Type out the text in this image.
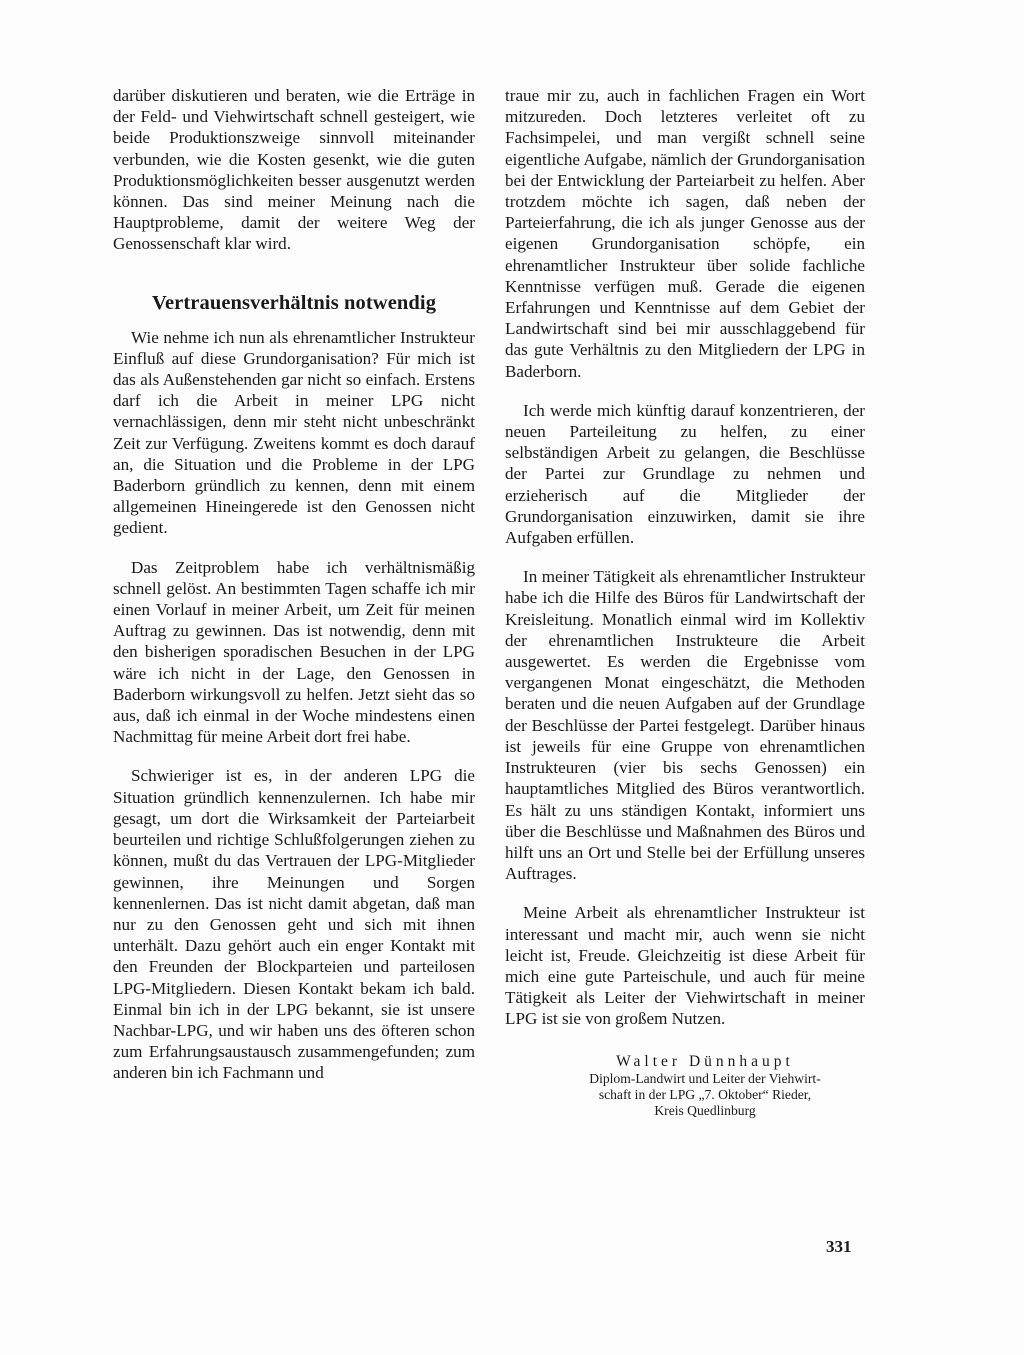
darüber diskutieren und beraten, wie die Erträge in der Feld- und Viehwirtschaft schnell gesteigert, wie beide Produktionszweige sinnvoll miteinander verbunden, wie die Kosten gesenkt, wie die guten Produktionsmöglichkeiten besser ausgenutzt werden können. Das sind meiner Meinung nach die Hauptprobleme, damit der weitere Weg der Genossenschaft klar wird.

Vertrauensverhältnis notwendig

Wie nehme ich nun als ehrenamtlicher Instrukteur Einfluß auf diese Grundorganisation? Für mich ist das als Außenstehenden gar nicht so einfach. Erstens darf ich die Arbeit in meiner LPG nicht vernachlässigen, denn mir steht nicht unbeschränkt Zeit zur Verfügung. Zweitens kommt es doch darauf an, die Situation und die Probleme in der LPG Baderborn gründlich zu kennen, denn mit einem allgemeinen Hineingerede ist den Genossen nicht gedient.

Das Zeitproblem habe ich verhältnismäßig schnell gelöst. An bestimmten Tagen schaffe ich mir einen Vorlauf in meiner Arbeit, um Zeit für meinen Auftrag zu gewinnen. Das ist notwendig, denn mit den bisherigen sporadischen Besuchen in der LPG wäre ich nicht in der Lage, den Genossen in Baderborn wirkungsvoll zu helfen. Jetzt sieht das so aus, daß ich einmal in der Woche mindestens einen Nachmittag für meine Arbeit dort frei habe.

Schwieriger ist es, in der anderen LPG die Situation gründlich kennenzulernen. Ich habe mir gesagt, um dort die Wirksamkeit der Parteiarbeit beurteilen und richtige Schlußfolgerungen ziehen zu können, mußt du das Vertrauen der LPG-Mitglieder gewinnen, ihre Meinungen und Sorgen kennenlernen. Das ist nicht damit abgetan, daß man nur zu den Genossen geht und sich mit ihnen unterhält. Dazu gehört auch ein enger Kontakt mit den Freunden der Blockparteien und parteilosen LPG-Mitgliedern. Diesen Kontakt bekam ich bald. Einmal bin ich in der LPG bekannt, sie ist unsere Nachbar-LPG, und wir haben uns des öfteren schon zum Erfahrungsaustausch zusammengefunden; zum anderen bin ich Fachmann und

traue mir zu, auch in fachlichen Fragen ein Wort mitzureden. Doch letzteres verleitet oft zu Fachsimpelei, und man vergißt schnell seine eigentliche Aufgabe, nämlich der Grundorganisation bei der Entwicklung der Parteiarbeit zu helfen. Aber trotzdem möchte ich sagen, daß neben der Parteierfahrung, die ich als junger Genosse aus der eigenen Grundorganisation schöpfe, ein ehrenamtlicher Instrukteur über solide fachliche Kenntnisse verfügen muß. Gerade die eigenen Erfahrungen und Kenntnisse auf dem Gebiet der Landwirtschaft sind bei mir ausschlaggebend für das gute Verhältnis zu den Mitgliedern der LPG in Baderborn.

Ich werde mich künftig darauf konzentrieren, der neuen Parteileitung zu helfen, zu einer selbständigen Arbeit zu gelangen, die Beschlüsse der Partei zur Grundlage zu nehmen und erzieherisch auf die Mitglieder der Grundorganisation einzuwirken, damit sie ihre Aufgaben erfüllen.

In meiner Tätigkeit als ehrenamtlicher Instrukteur habe ich die Hilfe des Büros für Landwirtschaft der Kreisleitung. Monatlich einmal wird im Kollektiv der ehrenamtlichen Instrukteure die Arbeit ausgewertet. Es werden die Ergebnisse vom vergangenen Monat eingeschätzt, die Methoden beraten und die neuen Aufgaben auf der Grundlage der Beschlüsse der Partei festgelegt. Darüber hinaus ist jeweils für eine Gruppe von ehrenamtlichen Instrukteuren (vier bis sechs Genossen) ein hauptamtliches Mitglied des Büros verantwortlich. Es hält zu uns ständigen Kontakt, informiert uns über die Beschlüsse und Maßnahmen des Büros und hilft uns an Ort und Stelle bei der Erfüllung unseres Auftrages.

Meine Arbeit als ehrenamtlicher Instrukteur ist interessant und macht mir, auch wenn sie nicht leicht ist, Freude. Gleichzeitig ist diese Arbeit für mich eine gute Parteischule, und auch für meine Tätigkeit als Leiter der Viehwirtschaft in meiner LPG ist sie von großem Nutzen.

Walter Dünnhaupt
Diplom-Landwirt und Leiter der Viehwirt-
schaft in der LPG „7. Oktober“ Rieder,
Kreis Quedlinburg
331
